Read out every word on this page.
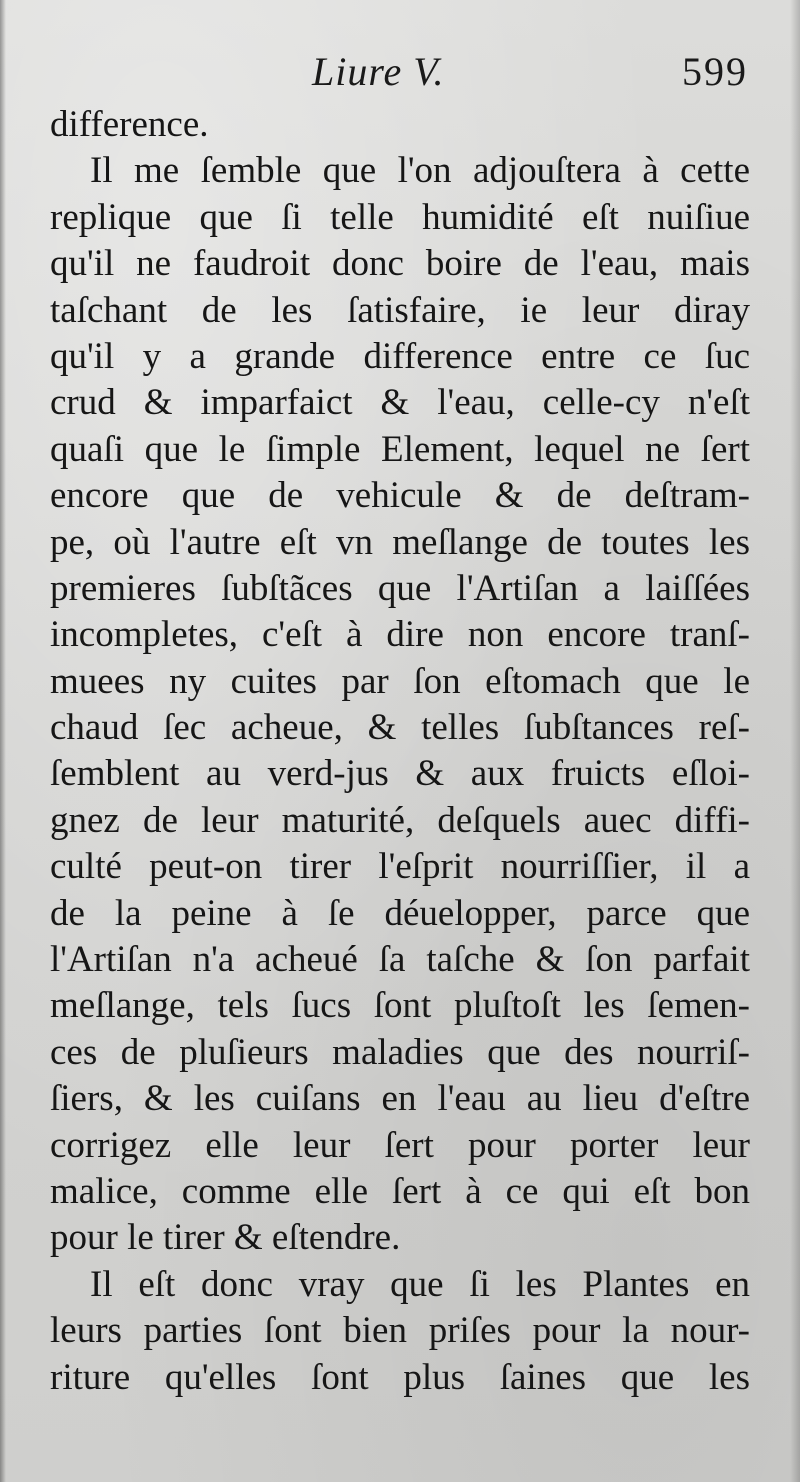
Liure V.	599
difference.
Il me ſemble que l'on adjouſtera à cette
replique que ſi telle humidité eſt nuiſiue
qu'il ne faudroit donc boire de l'eau, mais
taſchant de les ſatisfaire, ie leur diray
qu'il y a grande difference entre ce ſuc
crud & imparfaict & l'eau, celle-cy n'eſt
quaſi que le ſimple Element, lequel ne ſert
encore que de vehicule & de deſtram-
pe, où l'autre eſt vn meſlange de toutes les
premieres ſubſtãces que l'Artiſan a laiſſées
incompletes, c'eſt à dire non encore tranſ-
muees ny cuites par ſon eſtomach que le
chaud ſec acheue, & telles ſubſtances reſ-
ſemblent au verd-jus & aux fruicts eſloi-
gnez de leur maturité, deſquels auec diffi-
culté peut-on tirer l'eſprit nourriſſier, il a
de la peine à ſe déuelopper, parce que
l'Artiſan n'a acheué ſa taſche & ſon parfait
meſlange, tels ſucs ſont pluſtoſt les ſemen-
ces de pluſieurs maladies que des nourriſ-
ſiers, & les cuiſans en l'eau au lieu d'eſtre
corrigez elle leur ſert pour porter leur
malice, comme elle ſert à ce qui eſt bon
pour le tirer & eſtendre.
Il eſt donc vray que ſi les Plantes en
leurs parties ſont bien priſes pour la nour-
riture qu'elles ſont plus ſaines que les
